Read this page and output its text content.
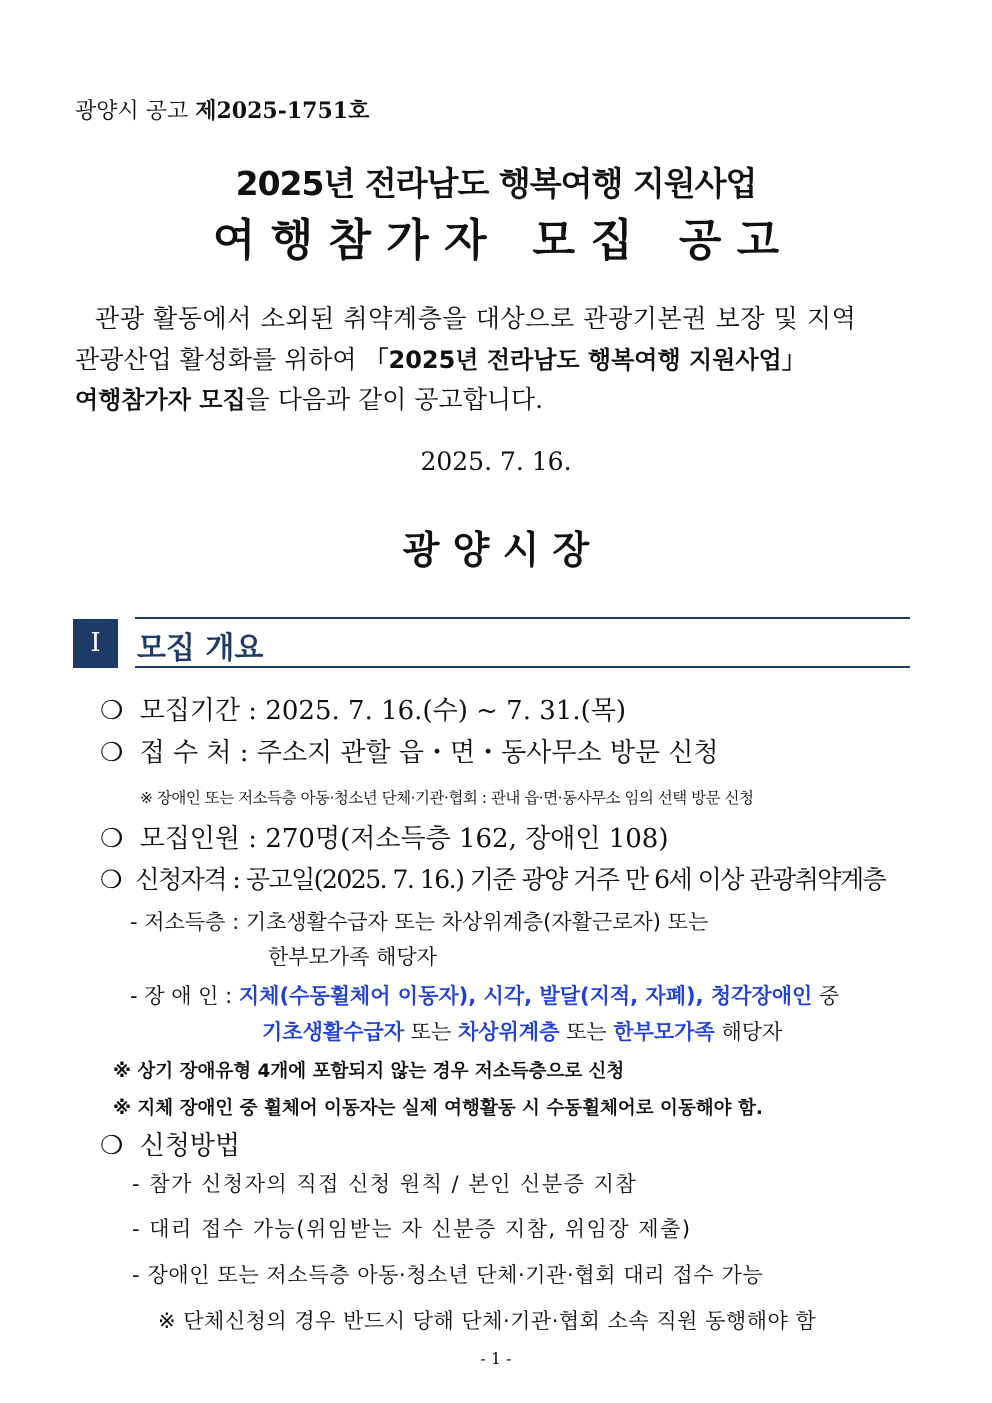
광양시 공고 제2025-1751호
2025년 전라남도 행복여행 지원사업
여 행 참 가 자   모 집   공 고
관광 활동에서 소외된 취약계층을 대상으로 관광기본권 보장 및 지역
관광산업 활성화를 위하여 「2025년 전라남도 행복여행 지원사업」
여행참가자 모집을 다음과 같이 공고합니다.
2025. 7. 16.
광 양 시 장
I	모집 개요
❍ 모집기간 : 2025. 7. 16.(수) ~ 7. 31.(목)
❍ 접 수 처 : 주소지 관할 읍・면・동사무소 방문 신청
※ 장애인 또는 저소득층 아동·청소년 단체·기관·협회 : 관내 읍·면·동사무소 임의 선택 방문 신청
❍ 모집인원 : 270명(저소득층 162, 장애인 108)
❍ 신청자격 : 공고일(2025. 7. 16.) 기준 광양 거주 만 6세 이상 관광취약계층
- 저소득층 : 기초생활수급자 또는 차상위계층(자활근로자) 또는
한부모가족 해당자
- 장 애 인 : 지체(수동휠체어 이동자), 시각, 발달(지적, 자폐), 청각장애인 중
기초생활수급자 또는 차상위계층 또는 한부모가족 해당자
※ 상기 장애유형 4개에 포함되지 않는 경우 저소득층으로 신청
※ 지체 장애인 중 휠체어 이동자는 실제 여행활동 시 수동휠체어로 이동해야 함.
❍ 신청방법
- 참가 신청자의 직접 신청 원칙 / 본인 신분증 지참
- 대리 접수 가능(위임받는 자 신분증 지참, 위임장 제출)
- 장애인 또는 저소득층 아동·청소년 단체·기관·협회 대리 접수 가능
※ 단체신청의 경우 반드시 당해 단체·기관·협회 소속 직원 동행해야 함
- 1 -
